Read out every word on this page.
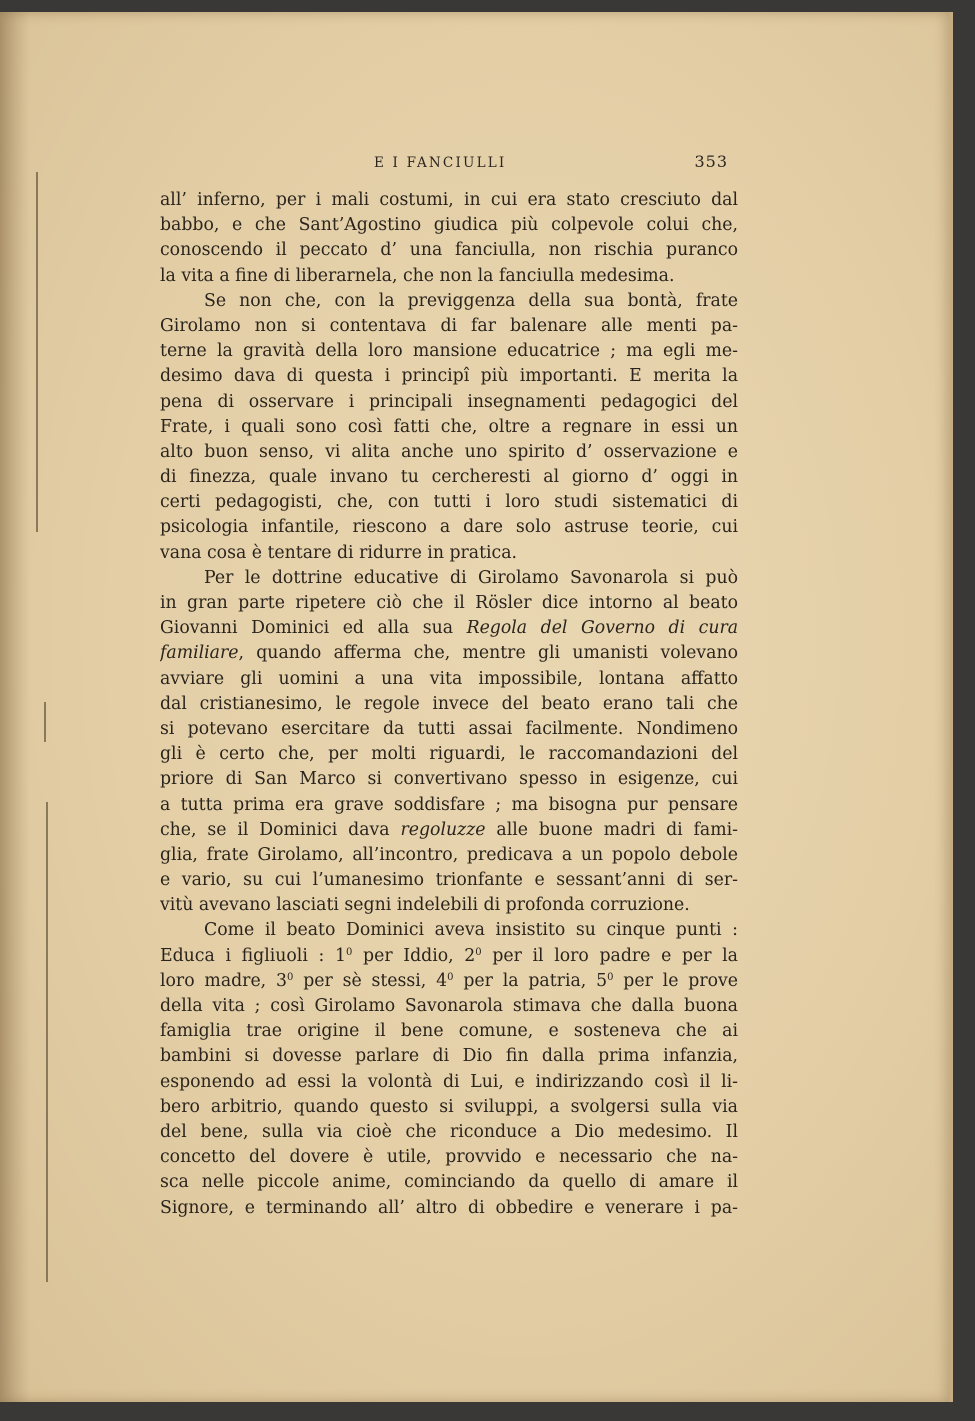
E I FANCIULLI	353
all’ inferno, per i mali costumi, in cui era stato cresciuto dal
babbo, e che Sant’Agostino giudica più colpevole colui che,
conoscendo il peccato d’ una fanciulla, non rischia puranco
la vita a fine di liberarnela, che non la fanciulla medesima.
Se non che, con la previggenza della sua bontà, frate
Girolamo non si contentava di far balenare alle menti pa-
terne la gravità della loro mansione educatrice ; ma egli me-
desimo dava di questa i principî più importanti. E merita la
pena di osservare i principali insegnamenti pedagogici del
Frate, i quali sono così fatti che, oltre a regnare in essi un
alto buon senso, vi alita anche uno spirito d’ osservazione e
di finezza, quale invano tu cercheresti al giorno d’ oggi in
certi pedagogisti, che, con tutti i loro studi sistematici di
psicologia infantile, riescono a dare solo astruse teorie, cui
vana cosa è tentare di ridurre in pratica.
Per le dottrine educative di Girolamo Savonarola si può
in gran parte ripetere ciò che il Rösler dice intorno al beato
Giovanni Dominici ed alla sua Regola del Governo di cura
familiare, quando afferma che, mentre gli umanisti volevano
avviare gli uomini a una vita impossibile, lontana affatto
dal cristianesimo, le regole invece del beato erano tali che
si potevano esercitare da tutti assai facilmente. Nondimeno
gli è certo che, per molti riguardi, le raccomandazioni del
priore di San Marco si convertivano spesso in esigenze, cui
a tutta prima era grave soddisfare ; ma bisogna pur pensare
che, se il Dominici dava regoluzze alle buone madri di fami-
glia, frate Girolamo, all’incontro, predicava a un popolo debole
e vario, su cui l’umanesimo trionfante e sessant’anni di ser-
vitù avevano lasciati segni indelebili di profonda corruzione.
Come il beato Dominici aveva insistito su cinque punti :
Educa i figliuoli : $1^0$ per Iddio, $2^0$ per il loro padre e per la
loro madre, $3^0$ per sè stessi, $4^0$ per la patria, $5^0$ per le prove
della vita ; così Girolamo Savonarola stimava che dalla buona
famiglia trae origine il bene comune, e sosteneva che ai
bambini si dovesse parlare di Dio fin dalla prima infanzia,
esponendo ad essi la volontà di Lui, e indirizzando così il li-
bero arbitrio, quando questo si sviluppi, a svolgersi sulla via
del bene, sulla via cioè che riconduce a Dio medesimo. Il
concetto del dovere è utile, provvido e necessario che na-
sca nelle piccole anime, cominciando da quello di amare il
Signore, e terminando all’ altro di obbedire e venerare i pa-
